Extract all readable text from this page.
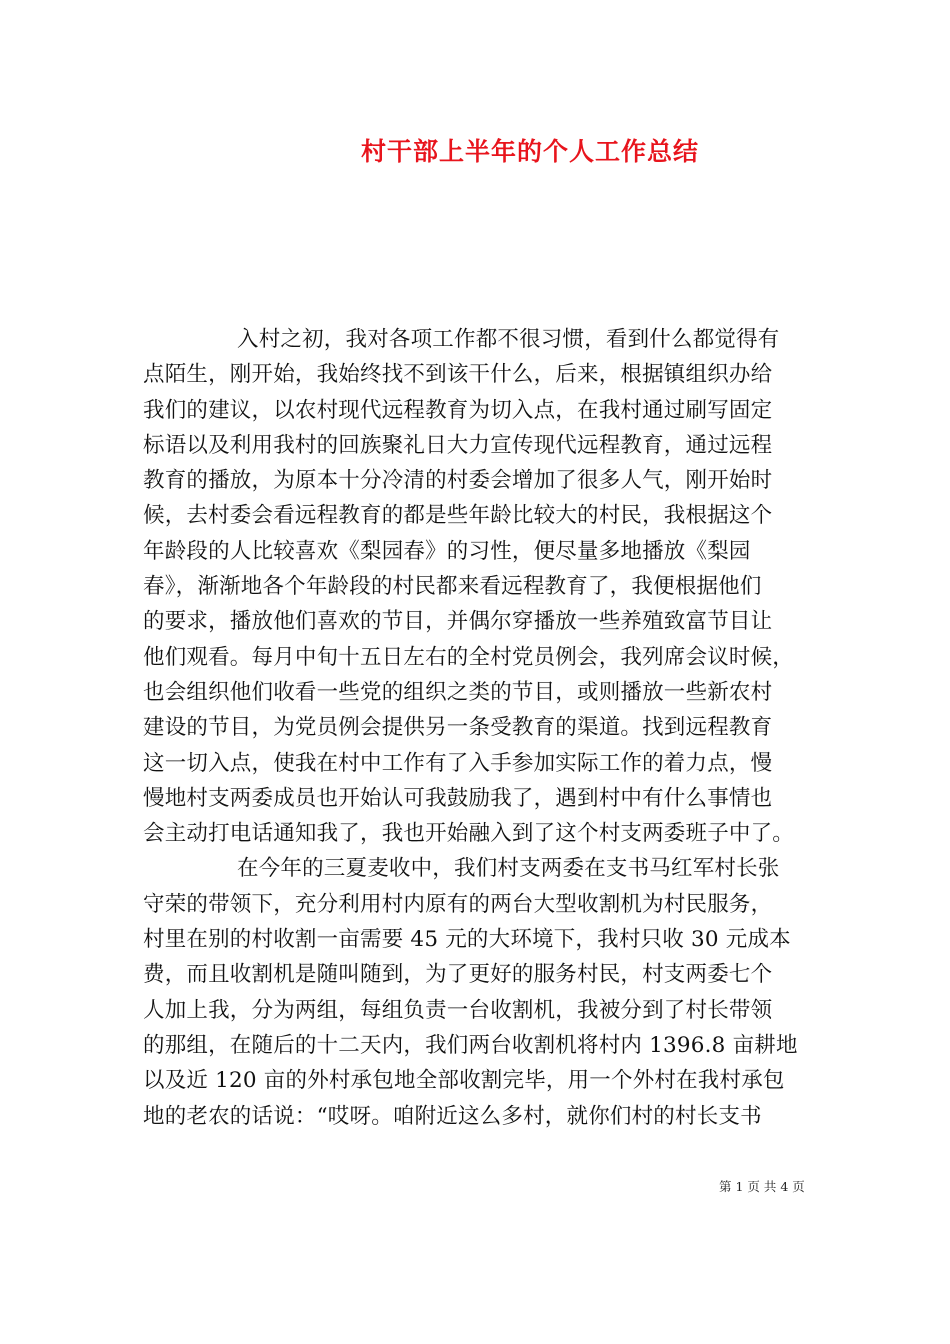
村干部上半年的个人工作总结
入村之初，我对各项工作都不很习惯，看到什么都觉得有
点陌生，刚开始，我始终找不到该干什么，后来，根据镇组织办给
我们的建议，以农村现代远程教育为切入点，在我村通过刷写固定
标语以及利用我村的回族聚礼日大力宣传现代远程教育，通过远程
教育的播放，为原本十分冷清的村委会增加了很多人气，刚开始时
候，去村委会看远程教育的都是些年龄比较大的村民，我根据这个
年龄段的人比较喜欢《梨园春》的习性，便尽量多地播放《梨园
春》，渐渐地各个年龄段的村民都来看远程教育了，我便根据他们
的要求，播放他们喜欢的节目，并偶尔穿播放一些养殖致富节目让
他们观看。每月中旬十五日左右的全村党员例会，我列席会议时候，
也会组织他们收看一些党的组织之类的节目，或则播放一些新农村
建设的节目，为党员例会提供另一条受教育的渠道。找到远程教育
这一切入点，使我在村中工作有了入手参加实际工作的着力点，慢
慢地村支两委成员也开始认可我鼓励我了，遇到村中有什么事情也
会主动打电话通知我了，我也开始融入到了这个村支两委班子中了。
在今年的三夏麦收中，我们村支两委在支书马红军村长张
守荣的带领下，充分利用村内原有的两台大型收割机为村民服务，
村里在别的村收割一亩需要 45 元的大环境下，我村只收 30 元成本
费，而且收割机是随叫随到，为了更好的服务村民，村支两委七个
人加上我，分为两组，每组负责一台收割机，我被分到了村长带领
的那组，在随后的十二天内，我们两台收割机将村内 1396.8 亩耕地
以及近 120 亩的外村承包地全部收割完毕，用一个外村在我村承包
地的老农的话说：“哎呀。咱附近这么多村，就你们村的村长支书
第 1 页 共 4 页
